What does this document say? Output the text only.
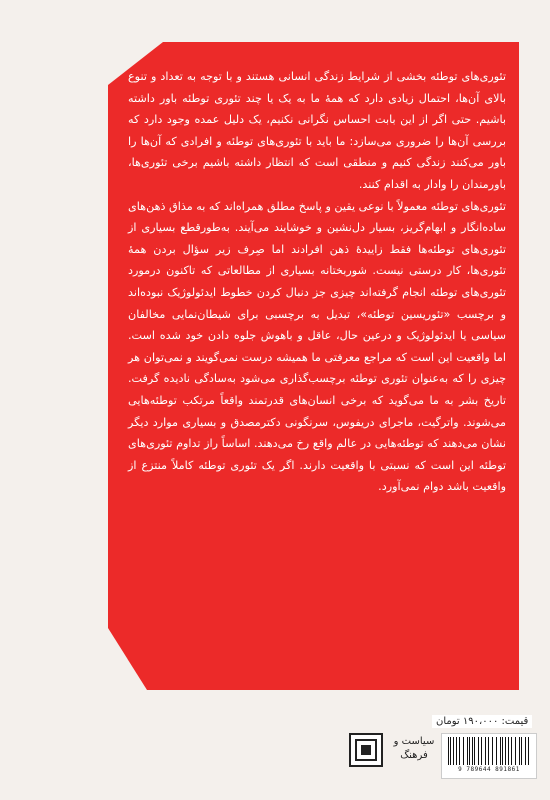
تئوری‌های توطئه بخشی از شرایط زندگی انسانی هستند و با توجه به تعداد و تنوع بالای آن‌ها، احتمال زیادی دارد که همهٔ ما به یک یا چند تئوری توطئه باور داشته باشیم. حتی اگر از این بابت احساس نگرانی نکنیم، یک دلیل عمده وجود دارد که بررسی آن‌ها را ضروری می‌سازد: ما باید با تئوری‌های توطئه و افرادی که آن‌ها را باور می‌کنند زندگی کنیم و منطقی است که انتظار داشته باشیم برخی تئوری‌ها، باورمندان را وادار به اقدام کنند.

تئوری‌های توطئه معمولاً با نوعی یقین و پاسخ مطلق همراه‌اند که به مذاق ذهن‌های ساده‌انگار و ابهام‌گریز، بسیار دل‌نشین و خوشایند می‌آیند. به‌طورقطع بسیاری از تئوری‌های توطئه‌ها فقط زاییدهٔ ذهن افرادند اما صِرف زیر سؤال بردن همهٔ تئوری‌ها، کار درستی نیست. شوربختانه بسیاری از مطالعاتی که تاکنون درمورد تئوری‌های توطئه انجام گرفته‌اند چیزی جز دنبال کردن خطوط ایدئولوژیک نبوده‌اند و برچسب «تئوریسین توطئه»، تبدیل به برچسبی برای شیطان‌نمایی مخالفان سیاسی یا ایدئولوژیک و درعین حال، عاقل و باهوش جلوه دادن خود شده است. اما واقعیت این است که مراجع معرفتی ما همیشه درست نمی‌گویند و نمی‌توان هر چیزی را که به‌عنوان تئوری توطئه برچسب‌گذاری می‌شود به‌سادگی نادیده گرفت. تاریخ بشر به ما می‌گوید که برخی انسان‌های قدرتمند واقعاً مرتکب توطئه‌هایی می‌شوند. واترگیت، ماجرای دریفوس، سرنگونی دکترمصدق و بسیاری موارد دیگر نشان می‌دهند که توطئه‌هایی در عالم واقع رخ می‌دهند. اساساً راز تداوم تئوری‌های توطئه این است که نسبتی با واقعیت دارند. اگر یک تئوری توطئه کاملاً منتزع از واقعیت باشد دوام نمی‌آورد.

قیمت: ۱۹۰،۰۰۰ تومان
سیاست و
فرهنگ
9 789644 891861
